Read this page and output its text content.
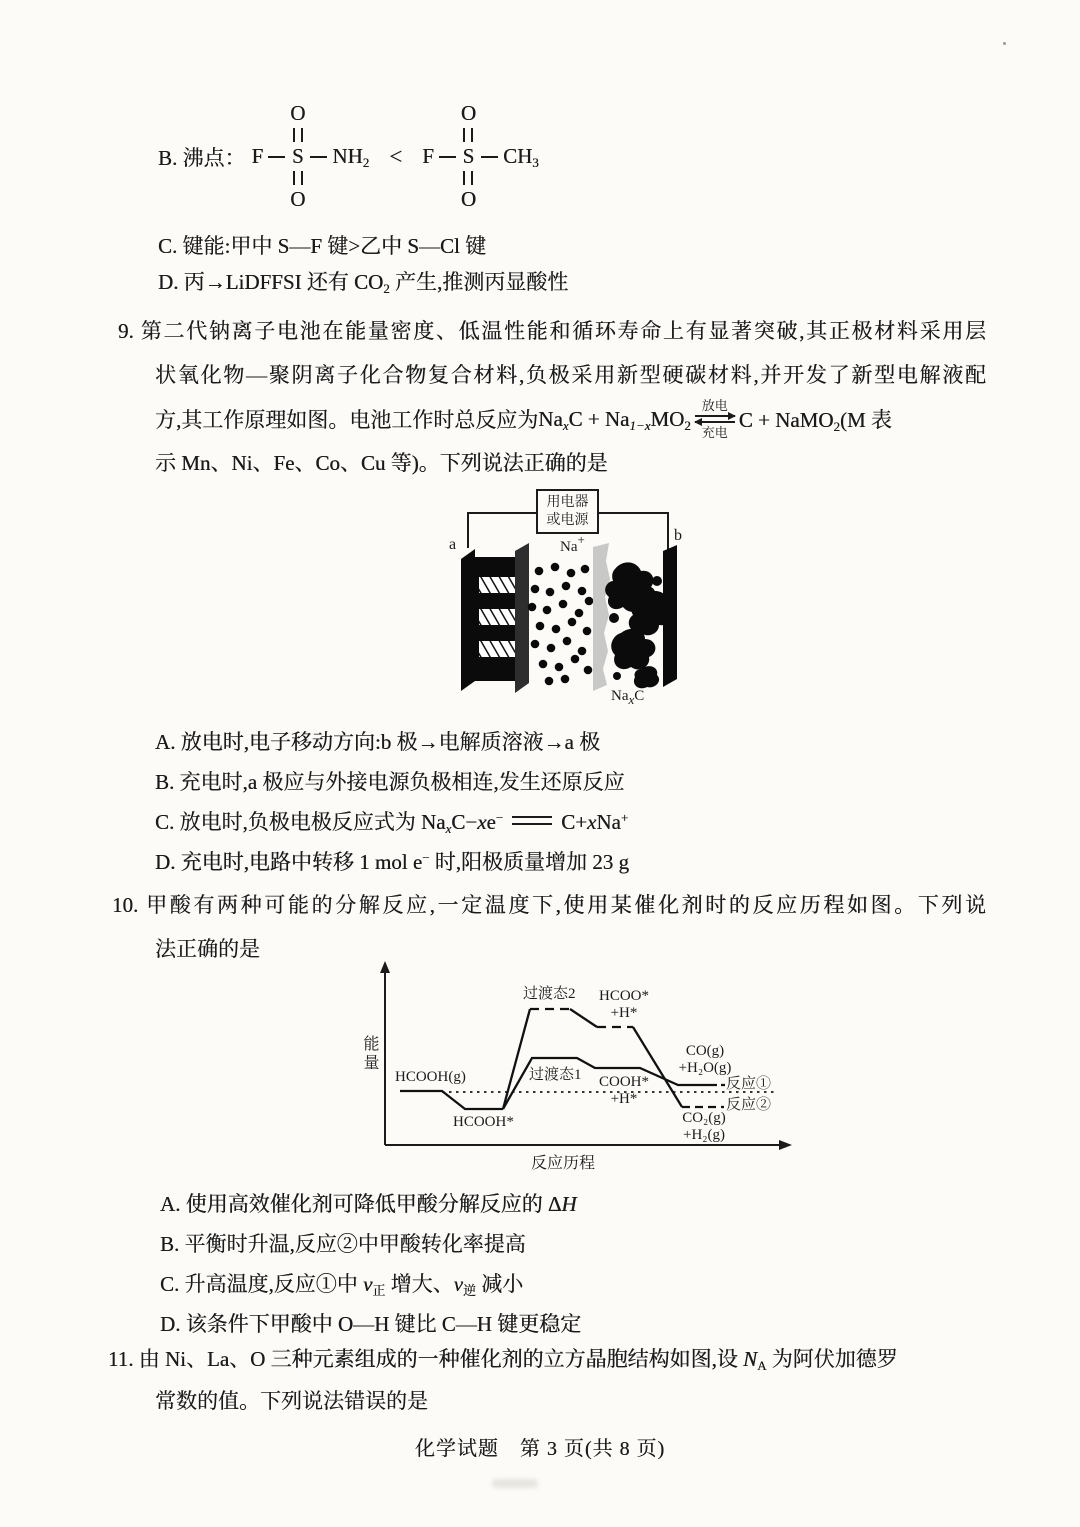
B. 沸点： F
O
S
O
$NH_2 < F$
O
S
O
$CH_3$
C. 键能:甲中 S—F 键>乙中 S—Cl 键
D. 丙→LiDFFSI 还有 $CO_2$ 产生,推测丙显酸性
9. 第二代钠离子电池在能量密度、低温性能和循环寿命上有显著突破,其正极材料采用层
状氧化物—聚阴离子化合物复合材料,负极采用新型硬碳材料,并开发了新型电解液配
方,其工作原理如图。电池工作时总反应为 $Na_xC + Na_{1-x}MO_2$
放电
充电
C + NaMO$_2$(M 表
示 Mn、Ni、Fe、Co、Cu 等)。下列说法正确的是
用电器
或电源
a
b
Na+
$Na_xC$
A. 放电时,电子移动方向:b 极→电解质溶液→a 极
B. 充电时,a 极应与外接电源负极相连,发生还原反应
C. 放电时,负极电极反应式为 $Na_xC-xe^-$	C+xNa+
D. 充电时,电路中转移 1 mol e− 时,阳极质量增加 23 g
10. 甲酸有两种可能的分解反应,一定温度下,使用某催化剂时的反应历程如图。下列说
法正确的是
能量
反应历程
HCOOH(g)
HCOOH*
过渡态2	HCOO*
+H*
过渡态1	COOH*
+H*
CO(g)
+H₂O(g)
反应①
反应②
CO₂(g)
+H₂(g)
A. 使用高效催化剂可降低甲酸分解反应的 ΔH
B. 平衡时升温,反应②中甲酸转化率提高
C. 升高温度,反应①中 $v_正$ 增大、$v_逆$ 减小
D. 该条件下甲酸中 O—H 键比 C—H 键更稳定
11. 由 Ni、La、O 三种元素组成的一种催化剂的立方晶胞结构如图,设 $N_A$ 为阿伏加德罗
常数的值。下列说法错误的是
化学试题　第 3 页(共 8 页)
